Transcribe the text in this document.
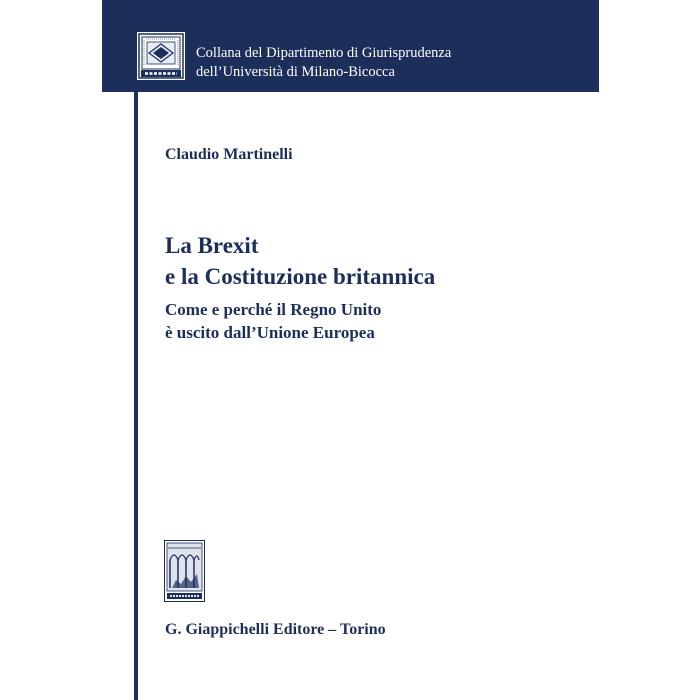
Collana del Dipartimento di Giurisprudenza
dell’Università di Milano-Bicocca
Claudio Martinelli
La Brexit
e la Costituzione britannica
Come e perché il Regno Unito
è uscito dall’Unione Europea
G. Giappichelli Editore – Torino
